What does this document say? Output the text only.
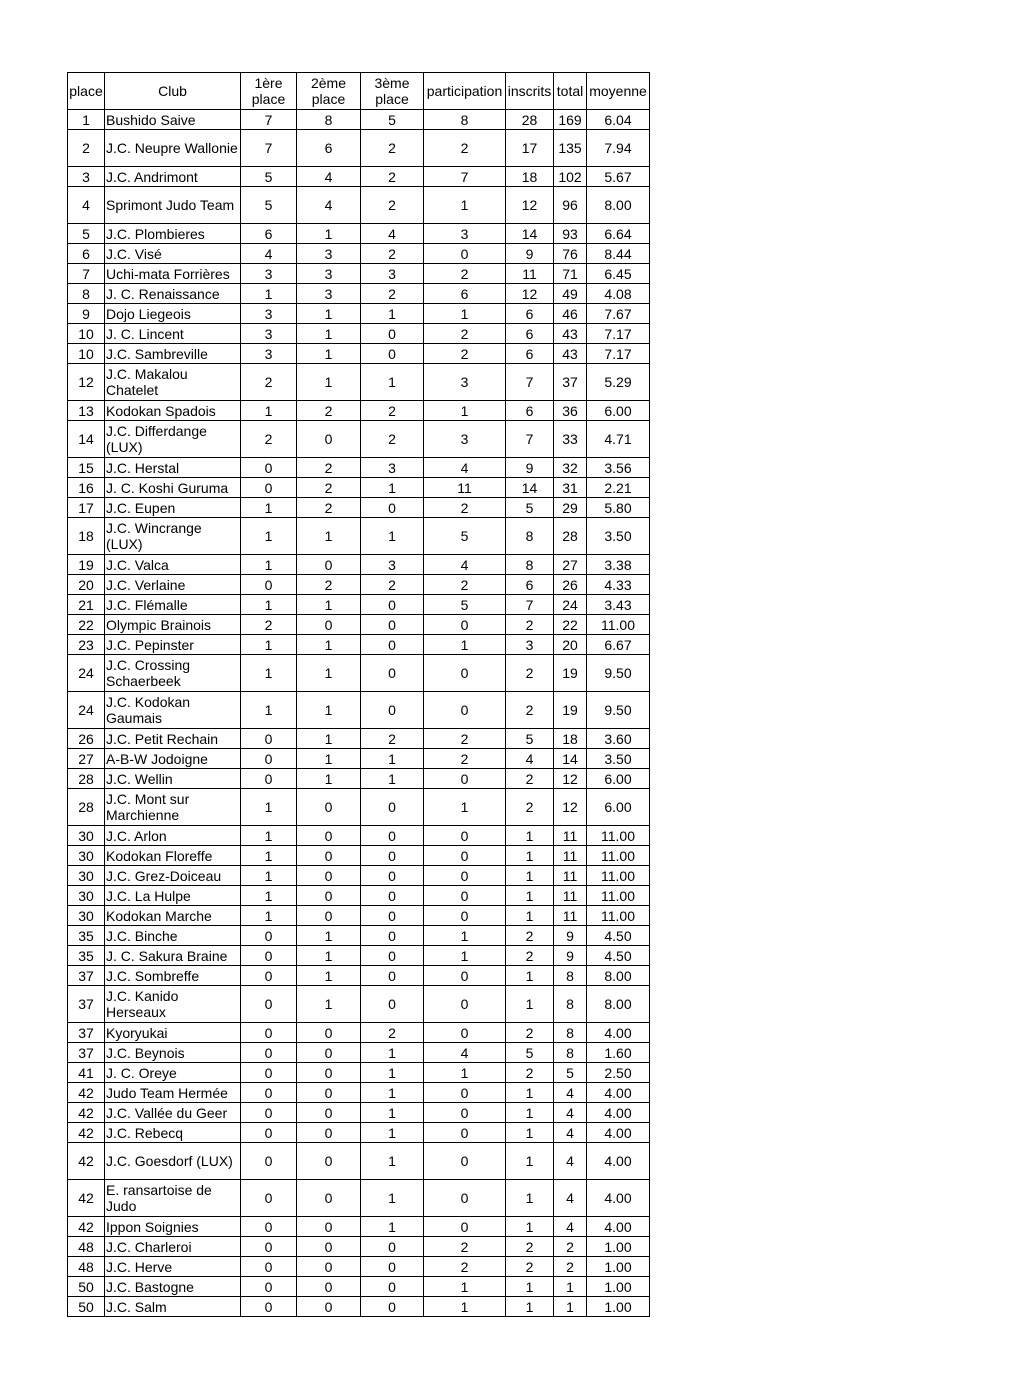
place	Club	1ère place	2ème place	3ème place	participation	inscrits	total	moyenne
1	Bushido Saive	7	8	5	8	28	169	6.04
2	J.C. Neupre Wallonie	7	6	2	2	17	135	7.94
3	J.C. Andrimont	5	4	2	7	18	102	5.67
4	Sprimont Judo Team	5	4	2	1	12	96	8.00
5	J.C. Plombieres	6	1	4	3	14	93	6.64
6	J.C. Visé	4	3	2	0	9	76	8.44
7	Uchi-mata Forrières	3	3	3	2	11	71	6.45
8	J. C. Renaissance	1	3	2	6	12	49	4.08
9	Dojo Liegeois	3	1	1	1	6	46	7.67
10	J. C. Lincent	3	1	0	2	6	43	7.17
10	J.C. Sambreville	3	1	0	2	6	43	7.17
12	J.C. Makalou Chatelet	2	1	1	3	7	37	5.29
13	Kodokan Spadois	1	2	2	1	6	36	6.00
14	J.C. Differdange (LUX)	2	0	2	3	7	33	4.71
15	J.C. Herstal	0	2	3	4	9	32	3.56
16	J. C. Koshi Guruma	0	2	1	11	14	31	2.21
17	J.C. Eupen	1	2	0	2	5	29	5.80
18	J.C. Wincrange (LUX)	1	1	1	5	8	28	3.50
19	J.C. Valca	1	0	3	4	8	27	3.38
20	J.C. Verlaine	0	2	2	2	6	26	4.33
21	J.C. Flémalle	1	1	0	5	7	24	3.43
22	Olympic Brainois	2	0	0	0	2	22	11.00
23	J.C. Pepinster	1	1	0	1	3	20	6.67
24	J.C. Crossing Schaerbeek	1	1	0	0	2	19	9.50
24	J.C. Kodokan Gaumais	1	1	0	0	2	19	9.50
26	J.C. Petit Rechain	0	1	2	2	5	18	3.60
27	A-B-W Jodoigne	0	1	1	2	4	14	3.50
28	J.C. Wellin	0	1	1	0	2	12	6.00
28	J.C. Mont sur Marchienne	1	0	0	1	2	12	6.00
30	J.C. Arlon	1	0	0	0	1	11	11.00
30	Kodokan Floreffe	1	0	0	0	1	11	11.00
30	J.C. Grez-Doiceau	1	0	0	0	1	11	11.00
30	J.C. La Hulpe	1	0	0	0	1	11	11.00
30	Kodokan Marche	1	0	0	0	1	11	11.00
35	J.C. Binche	0	1	0	1	2	9	4.50
35	J. C. Sakura Braine	0	1	0	1	2	9	4.50
37	J.C. Sombreffe	0	1	0	0	1	8	8.00
37	J.C. Kanido Herseaux	0	1	0	0	1	8	8.00
37	Kyoryukai	0	0	2	0	2	8	4.00
37	J.C. Beynois	0	0	1	4	5	8	1.60
41	J. C. Oreye	0	0	1	1	2	5	2.50
42	Judo Team Hermée	0	0	1	0	1	4	4.00
42	J.C. Vallée du Geer	0	0	1	0	1	4	4.00
42	J.C. Rebecq	0	0	1	0	1	4	4.00
42	J.C. Goesdorf (LUX)	0	0	1	0	1	4	4.00
42	E. ransartoise de Judo	0	0	1	0	1	4	4.00
42	Ippon Soignies	0	0	1	0	1	4	4.00
48	J.C. Charleroi	0	0	0	2	2	2	1.00
48	J.C. Herve	0	0	0	2	2	2	1.00
50	J.C. Bastogne	0	0	0	1	1	1	1.00
50	J.C. Salm	0	0	0	1	1	1	1.00
